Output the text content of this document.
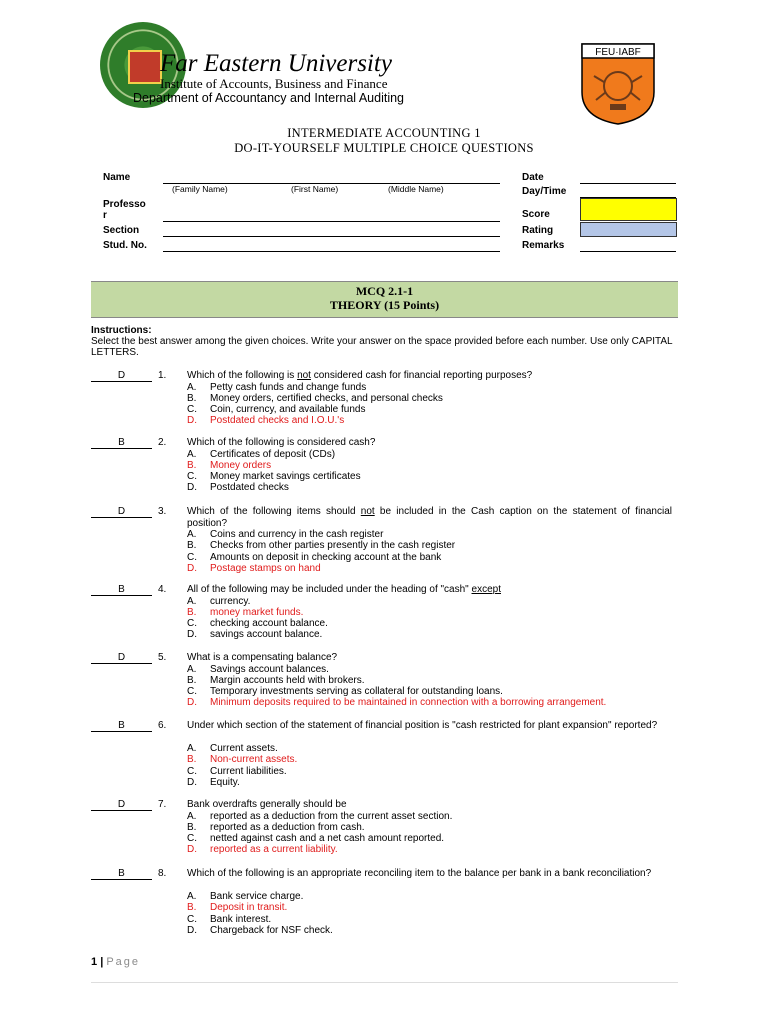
Far Eastern University
Institute of Accounts, Business and Finance
Department of Accountancy and Internal Auditing
FEU·IABF
INTERMEDIATE ACCOUNTING 1
DO-IT-YOURSELF MULTIPLE CHOICE QUESTIONS
Name
(Family Name)	(First Name)	(Middle Name)
Professo
r
Section
Stud. No.
Date
Day/Time
Score
Rating
Remarks
MCQ 2.1-1
THEORY (15 Points)
Instructions:
Select the best answer among the given choices. Write your answer on the space provided before each number. Use only CAPITAL LETTERS.
D	1. Which of the following is not considered cash for financial reporting purposes?
A. Petty cash funds and change funds
B. Money orders, certified checks, and personal checks
C. Coin, currency, and available funds
D. Postdated checks and I.O.U.'s
B	2. Which of the following is considered cash?
A. Certificates of deposit (CDs)
B. Money orders
C. Money market savings certificates
D. Postdated checks
D	3. Which of the following items should not be included in the Cash caption on the statement of financial position?
A. Coins and currency in the cash register
B. Checks from other parties presently in the cash register
C. Amounts on deposit in checking account at the bank
D. Postage stamps on hand
B	4. All of the following may be included under the heading of "cash" except
A. currency.
B. money market funds.
C. checking account balance.
D. savings account balance.
D	5. What is a compensating balance?
A. Savings account balances.
B. Margin accounts held with brokers.
C. Temporary investments serving as collateral for outstanding loans.
D. Minimum deposits required to be maintained in connection with a borrowing arrangement.
B	6. Under which section of the statement of financial position is "cash restricted for plant expansion" reported?
A. Current assets.
B. Non-current assets.
C. Current liabilities.
D. Equity.
D	7. Bank overdrafts generally should be
A. reported as a deduction from the current asset section.
B. reported as a deduction from cash.
C. netted against cash and a net cash amount reported.
D. reported as a current liability.
B	8. Which of the following is an appropriate reconciling item to the balance per bank in a bank reconciliation?
A. Bank service charge.
B. Deposit in transit.
C. Bank interest.
D. Chargeback for NSF check.
1 | Page
